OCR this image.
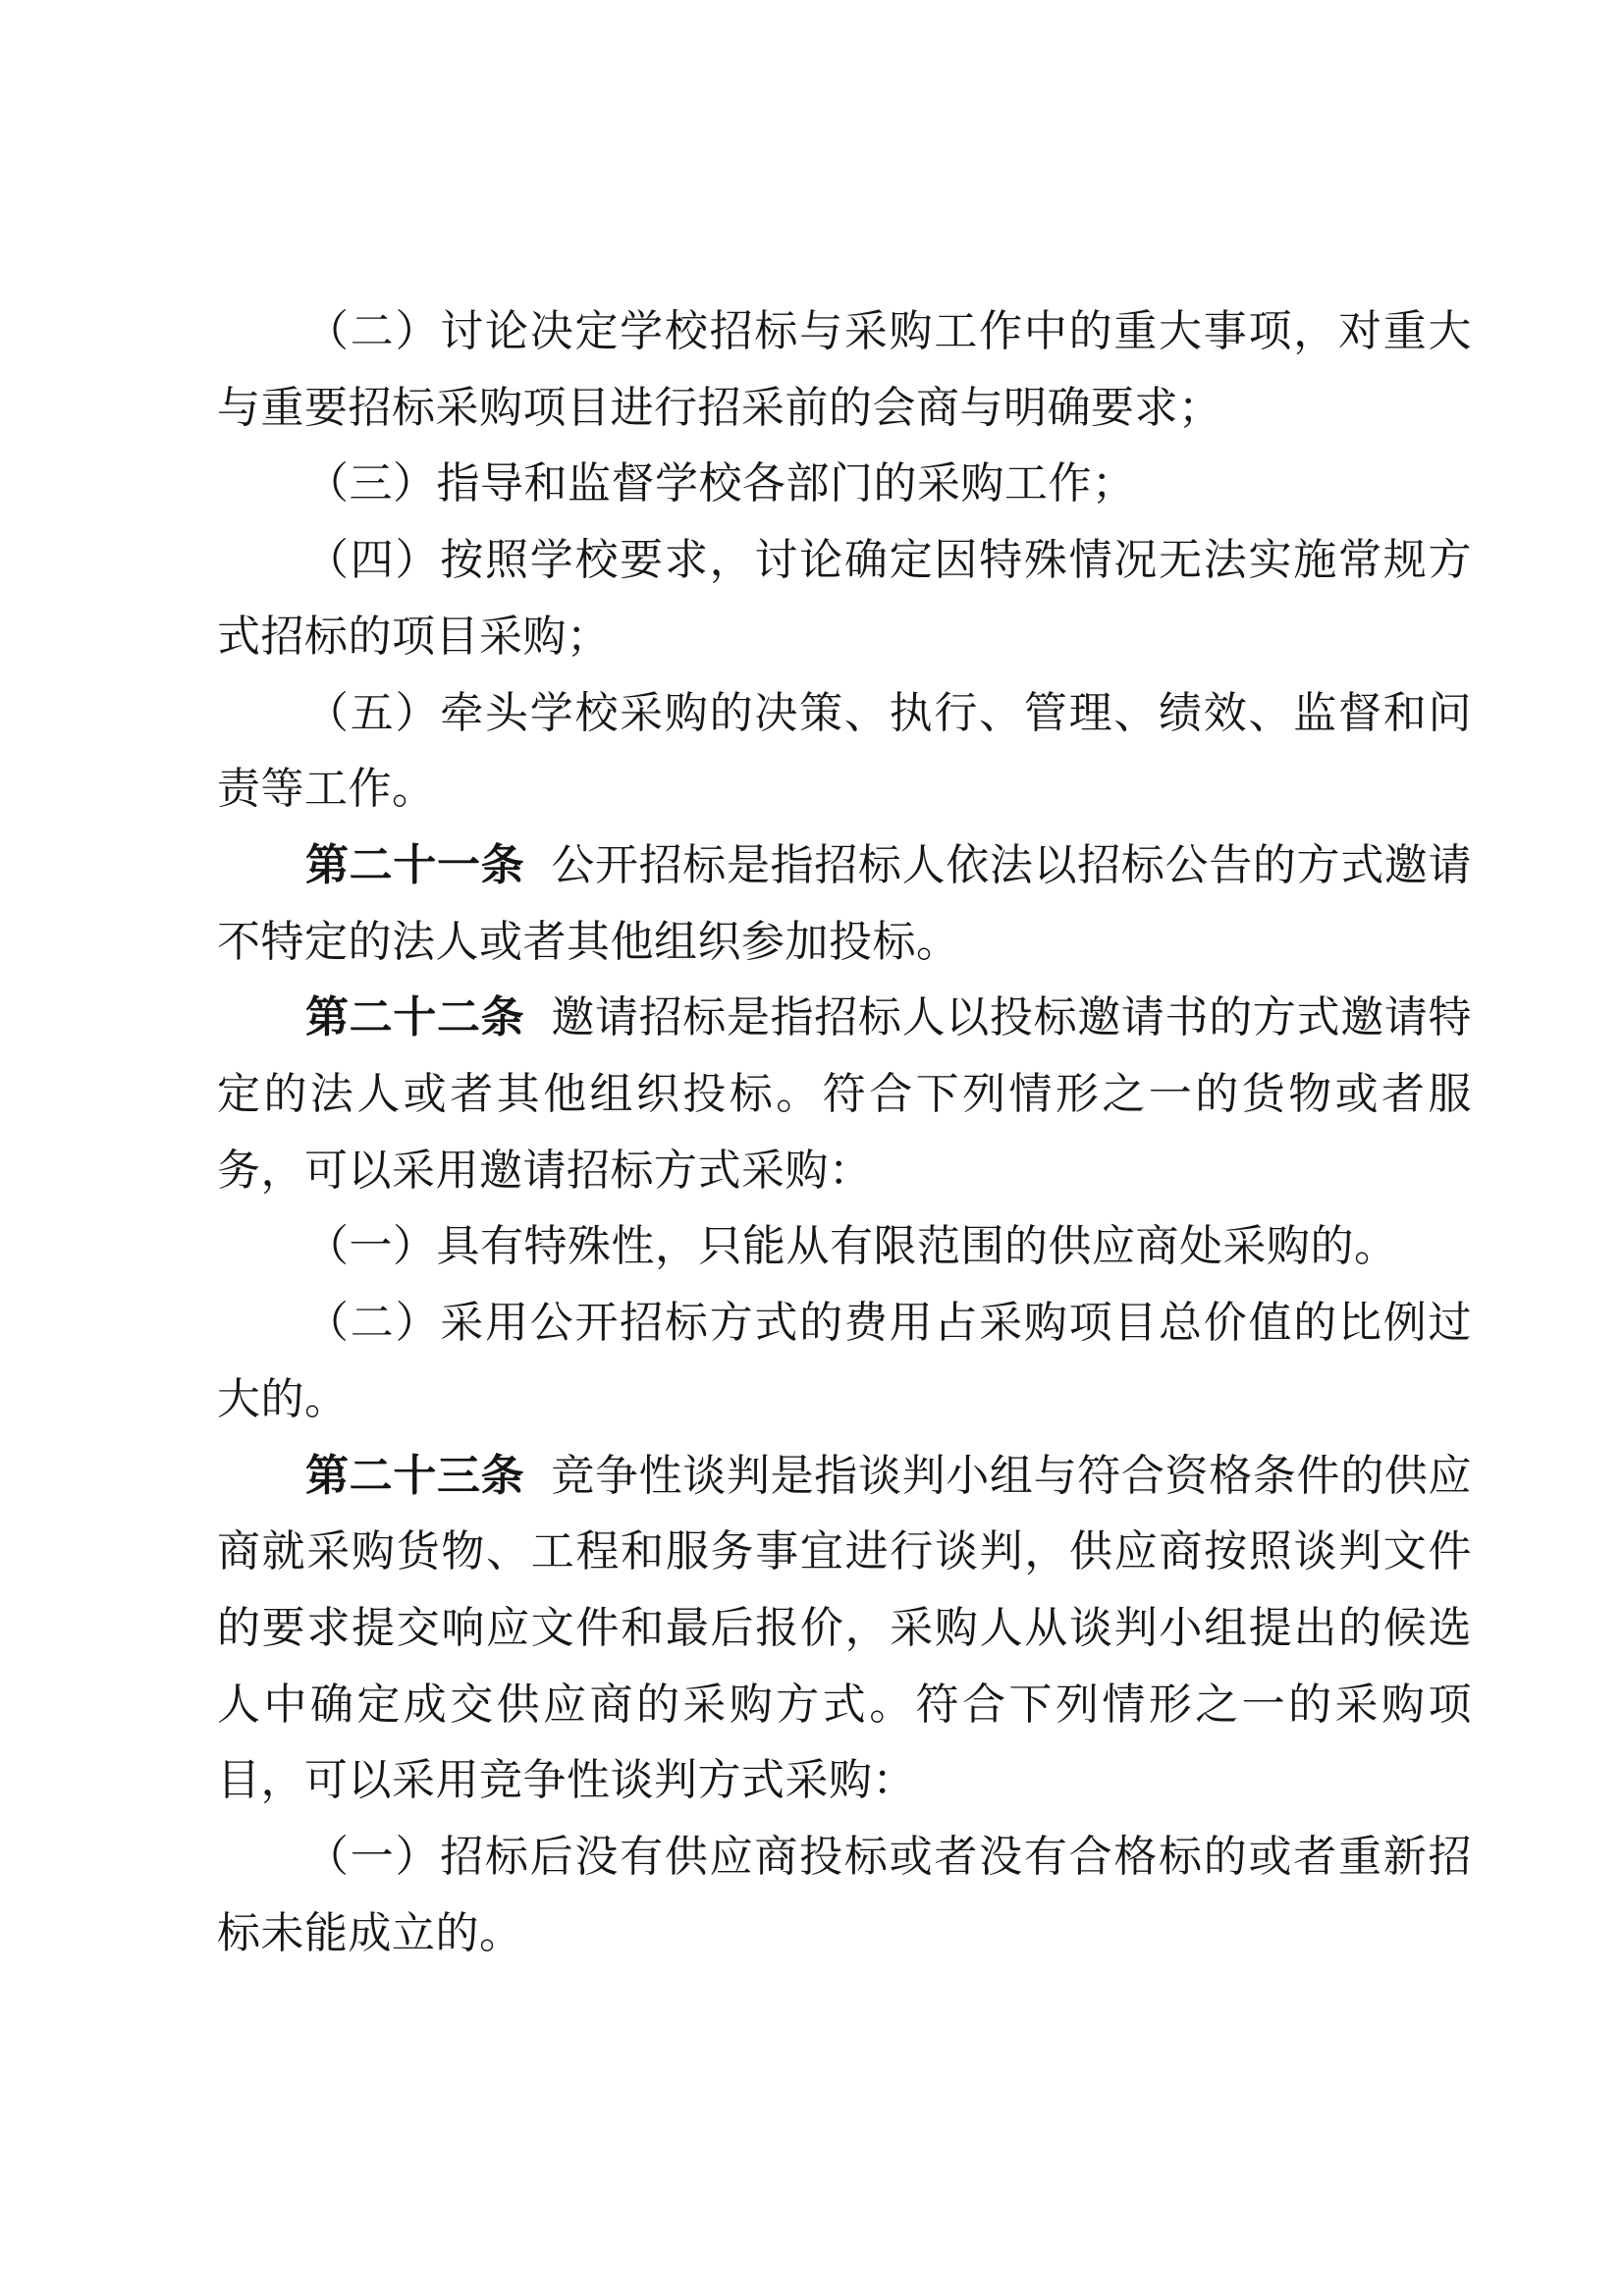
（二）讨论决定学校招标与采购工作中的重大事项，对重大与重要招标采购项目进行招采前的会商与明确要求；

（三）指导和监督学校各部门的采购工作；

（四）按照学校要求，讨论确定因特殊情况无法实施常规方式招标的项目采购；

（五）牵头学校采购的决策、执行、管理、绩效、监督和问责等工作。

第二十一条 公开招标是指招标人依法以招标公告的方式邀请不特定的法人或者其他组织参加投标。

第二十二条 邀请招标是指招标人以投标邀请书的方式邀请特定的法人或者其他组织投标。符合下列情形之一的货物或者服务，可以采用邀请招标方式采购：

（一）具有特殊性，只能从有限范围的供应商处采购的。

（二）采用公开招标方式的费用占采购项目总价值的比例过大的。

第二十三条 竞争性谈判是指谈判小组与符合资格条件的供应商就采购货物、工程和服务事宜进行谈判，供应商按照谈判文件的要求提交响应文件和最后报价，采购人从谈判小组提出的候选人中确定成交供应商的采购方式。符合下列情形之一的采购项目，可以采用竞争性谈判方式采购：

（一）招标后没有供应商投标或者没有合格标的或者重新招标未能成立的。
